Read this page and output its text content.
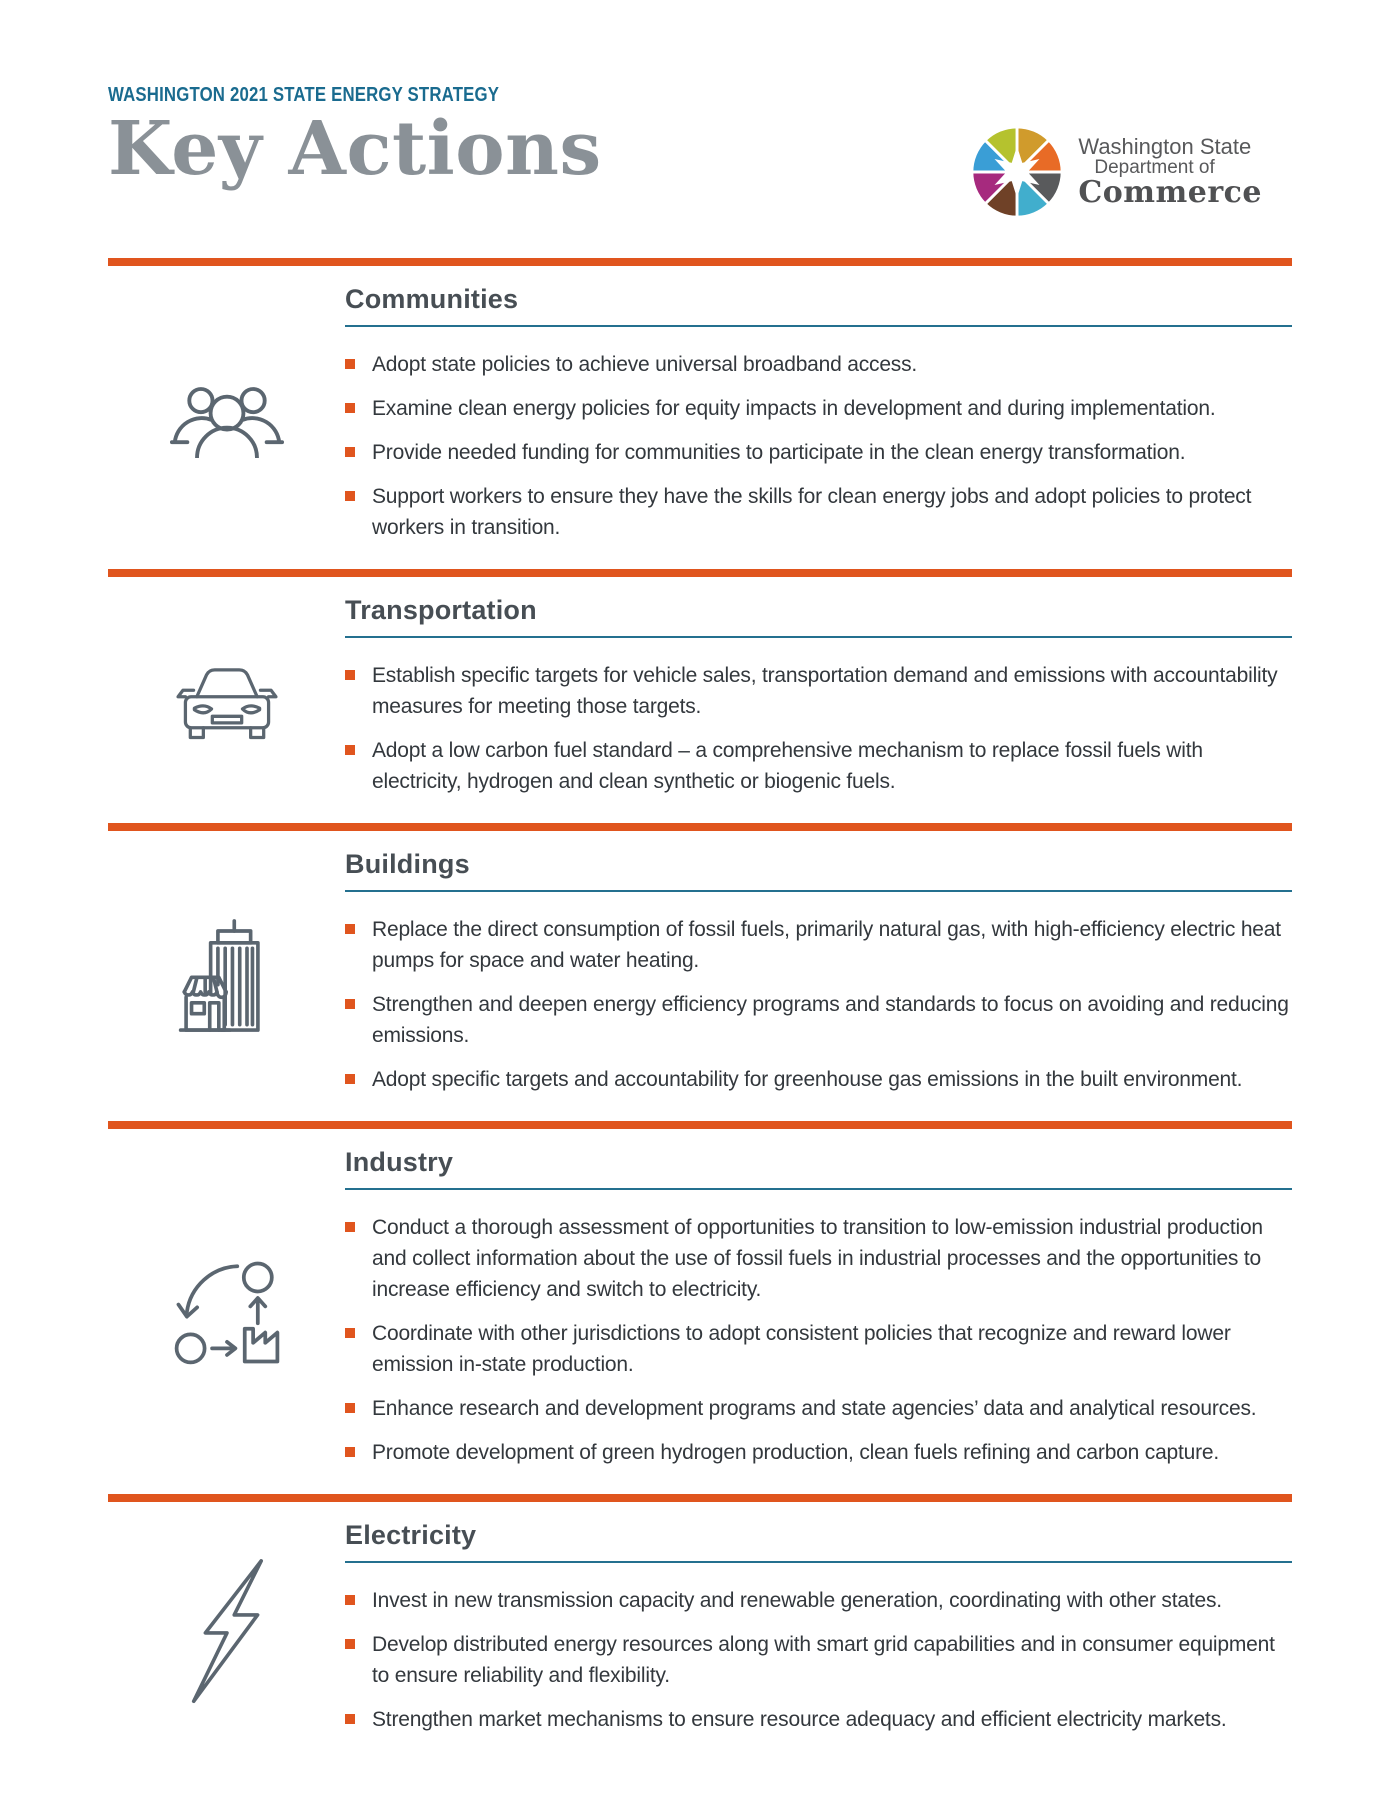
WASHINGTON 2021 STATE ENERGY STRATEGY
Key Actions	Washington State
Department of
Commerce
Communities
Adopt state policies to achieve universal broadband access.
Examine clean energy policies for equity impacts in development and during implementation.
Provide needed funding for communities to participate in the clean energy transformation.
Support workers to ensure they have the skills for clean energy jobs and adopt policies to protect workers in transition.
Transportation
Establish specific targets for vehicle sales, transportation demand and emissions with accountability measures for meeting those targets.
Adopt a low carbon fuel standard – a comprehensive mechanism to replace fossil fuels with electricity, hydrogen and clean synthetic or biogenic fuels.
Buildings
Replace the direct consumption of fossil fuels, primarily natural gas, with high-efficiency electric heat pumps for space and water heating.
Strengthen and deepen energy efficiency programs and standards to focus on avoiding and reducing emissions.
Adopt specific targets and accountability for greenhouse gas emissions in the built environment.
Industry
Conduct a thorough assessment of opportunities to transition to low-emission industrial production and collect information about the use of fossil fuels in industrial processes and the opportunities to increase efficiency and switch to electricity.
Coordinate with other jurisdictions to adopt consistent policies that recognize and reward lower emission in-state production.
Enhance research and development programs and state agencies’ data and analytical resources.
Promote development of green hydrogen production, clean fuels refining and carbon capture.
Electricity
Invest in new transmission capacity and renewable generation, coordinating with other states.
Develop distributed energy resources along with smart grid capabilities and in consumer equipment to ensure reliability and flexibility.
Strengthen market mechanisms to ensure resource adequacy and efficient electricity markets.
